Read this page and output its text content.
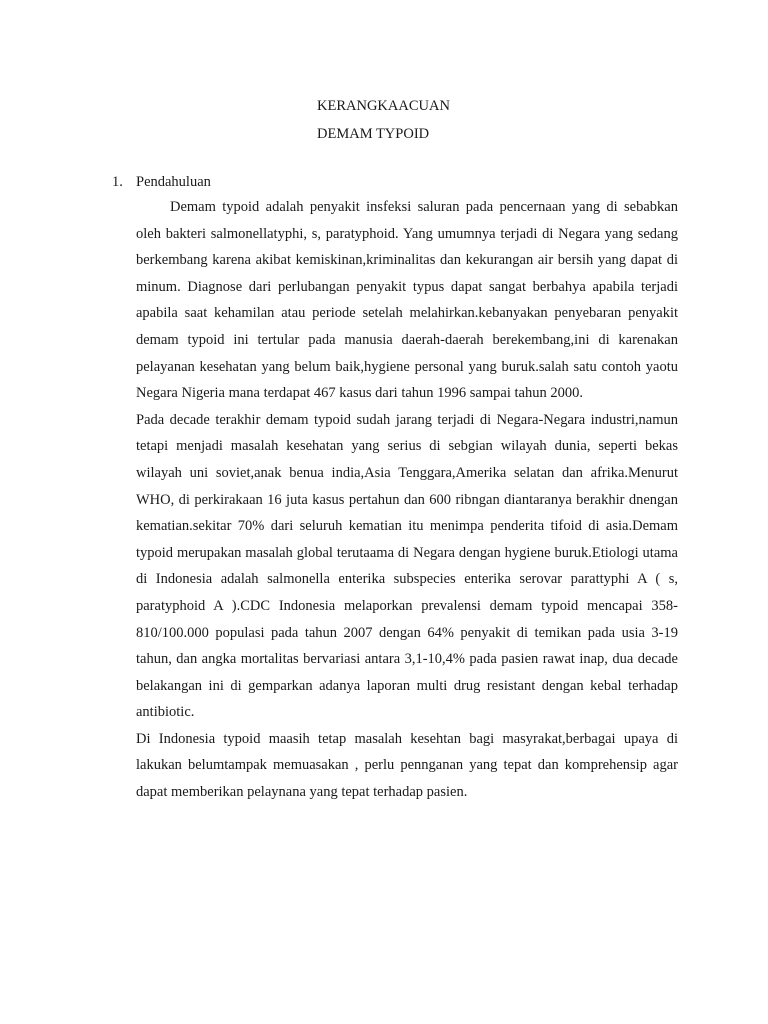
KERANGKAACUAN
DEMAM TYPOID
1. Pendahuluan

Demam typoid adalah penyakit insfeksi saluran pada pencernaan yang di sebabkan oleh bakteri salmonellatyphi, s, paratyphoid. Yang umumnya terjadi di Negara yang sedang berkembang karena akibat kemiskinan,kriminalitas dan kekurangan air bersih yang dapat di minum. Diagnose dari perlubangan penyakit typus dapat sangat berbahya apabila terjadi apabila saat kehamilan atau periode setelah melahirkan.kebanyakan penyebaran penyakit demam typoid ini tertular pada manusia daerah-daerah berekembang,ini di karenakan pelayanan kesehatan yang belum baik,hygiene personal yang buruk.salah satu contoh yaotu Negara Nigeria mana terdapat 467 kasus dari tahun 1996 sampai tahun 2000.

Pada decade terakhir demam typoid sudah jarang terjadi di Negara-Negara industri,namun tetapi menjadi masalah kesehatan yang serius di sebgian wilayah dunia, seperti bekas wilayah uni soviet,anak benua india,Asia Tenggara,Amerika selatan dan afrika.Menurut WHO, di perkirakaan 16 juta kasus pertahun dan 600 ribngan diantaranya berakhir dnengan kematian.sekitar 70% dari seluruh kematian itu menimpa penderita tifoid di asia.Demam typoid merupakan masalah global terutaama di Negara dengan hygiene buruk.Etiologi utama di Indonesia adalah salmonella enterika subspecies enterika serovar parattyphi A ( s, paratyphoid A ).CDC Indonesia melaporkan prevalensi demam typoid mencapai 358-810/100.000 populasi pada tahun 2007 dengan 64% penyakit di temikan pada usia 3-19 tahun, dan angka mortalitas bervariasi antara 3,1-10,4% pada pasien rawat inap, dua decade belakangan ini di gemparkan adanya laporan multi drug resistant dengan kebal terhadap antibiotic.

Di Indonesia typoid maasih tetap masalah kesehtan bagi masyrakat,berbagai upaya di lakukan belumtampak memuasakan , perlu pennganan yang tepat dan komprehensip agar dapat memberikan pelaynana yang tepat terhadap pasien.
